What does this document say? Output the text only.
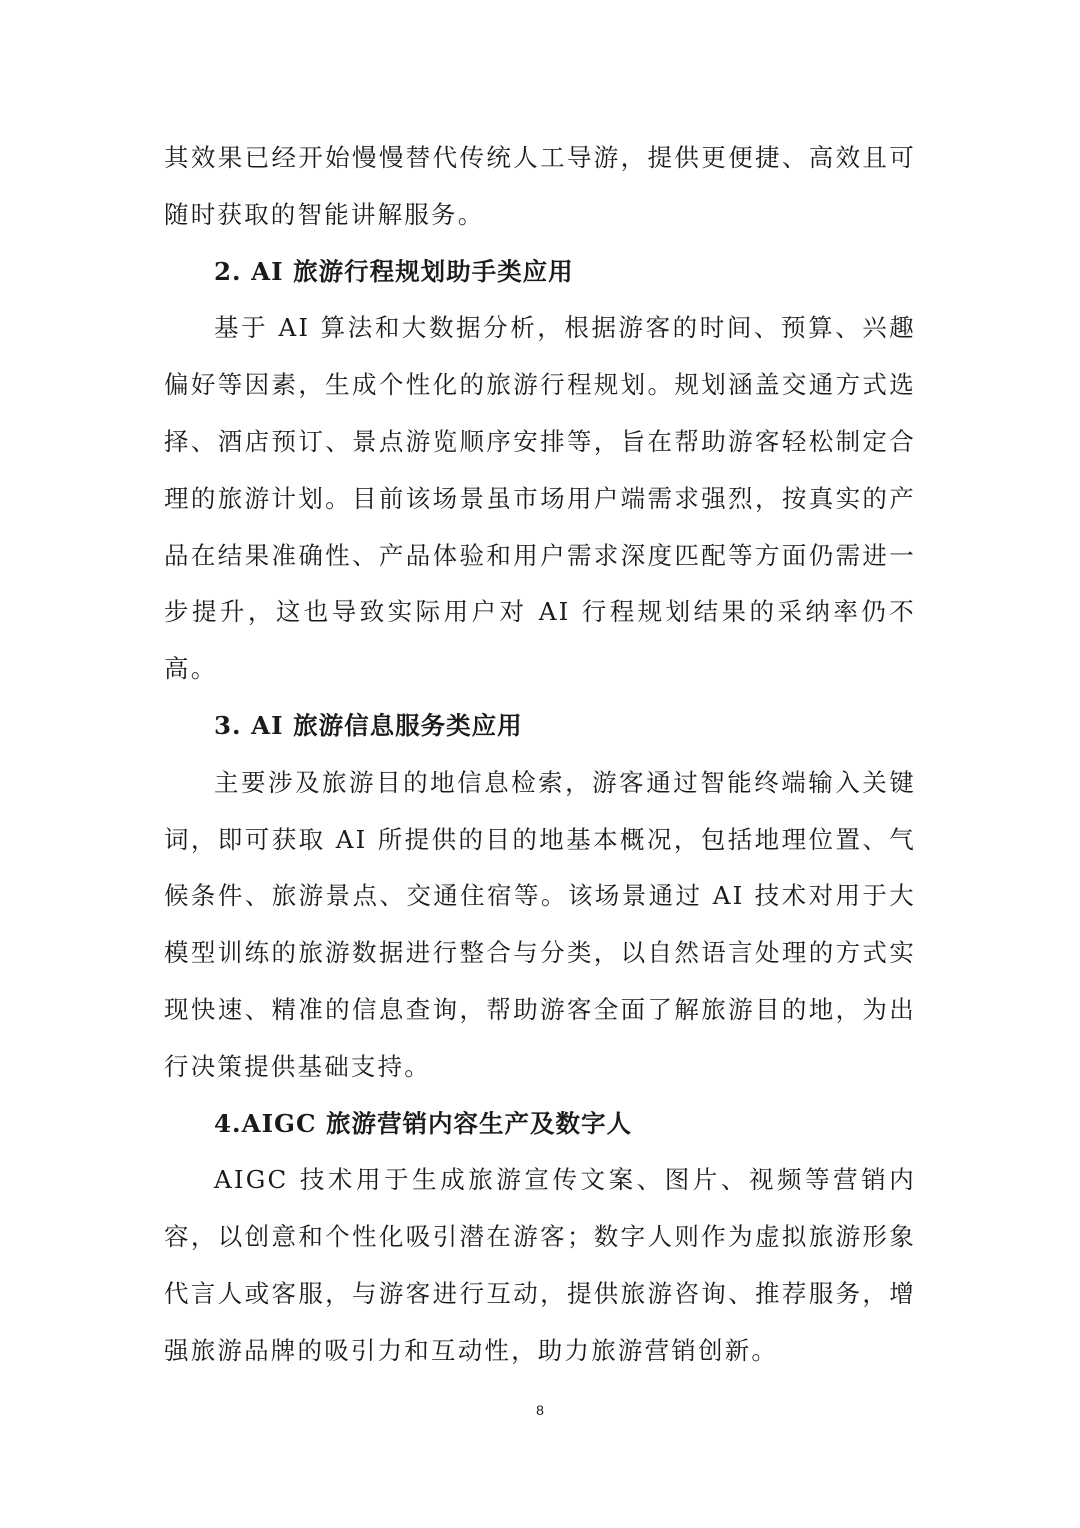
其效果已经开始慢慢替代传统人工导游，提供更便捷、高效且可随时获取的智能讲解服务。

2. AI 旅游行程规划助手类应用

基于 AI 算法和大数据分析，根据游客的时间、预算、兴趣偏好等因素，生成个性化的旅游行程规划。规划涵盖交通方式选择、酒店预订、景点游览顺序安排等，旨在帮助游客轻松制定合理的旅游计划。目前该场景虽市场用户端需求强烈，按真实的产品在结果准确性、产品体验和用户需求深度匹配等方面仍需进一步提升，这也导致实际用户对 AI 行程规划结果的采纳率仍不高。

3. AI 旅游信息服务类应用

主要涉及旅游目的地信息检索，游客通过智能终端输入关键词，即可获取 AI 所提供的目的地基本概况，包括地理位置、气候条件、旅游景点、交通住宿等。该场景通过 AI 技术对用于大模型训练的旅游数据进行整合与分类，以自然语言处理的方式实现快速、精准的信息查询，帮助游客全面了解旅游目的地，为出行决策提供基础支持。

4.AIGC 旅游营销内容生产及数字人

AIGC 技术用于生成旅游宣传文案、图片、视频等营销内容，以创意和个性化吸引潜在游客；数字人则作为虚拟旅游形象代言人或客服，与游客进行互动，提供旅游咨询、推荐服务，增强旅游品牌的吸引力和互动性，助力旅游营销创新。

8
